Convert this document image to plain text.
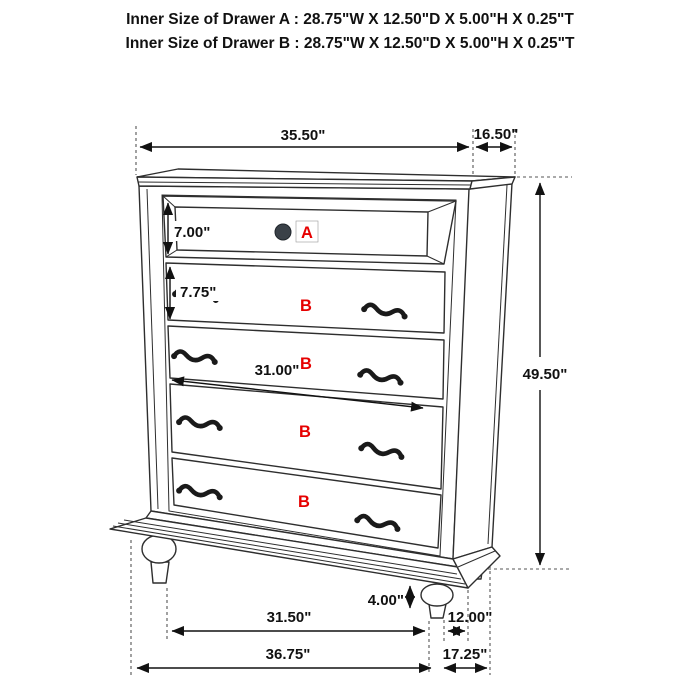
Inner Size of Drawer A : 28.75"W X 12.50"D X 5.00"H X 0.25"T
Inner Size of Drawer B : 28.75"W X 12.50"D X 5.00"H X 0.25"T
35.50"	16.50"
49.50"
7.00"
7.75"
31.00"
4.00"
31.50"	12.00"
36.75"	17.25"
A
B
B
B
B
